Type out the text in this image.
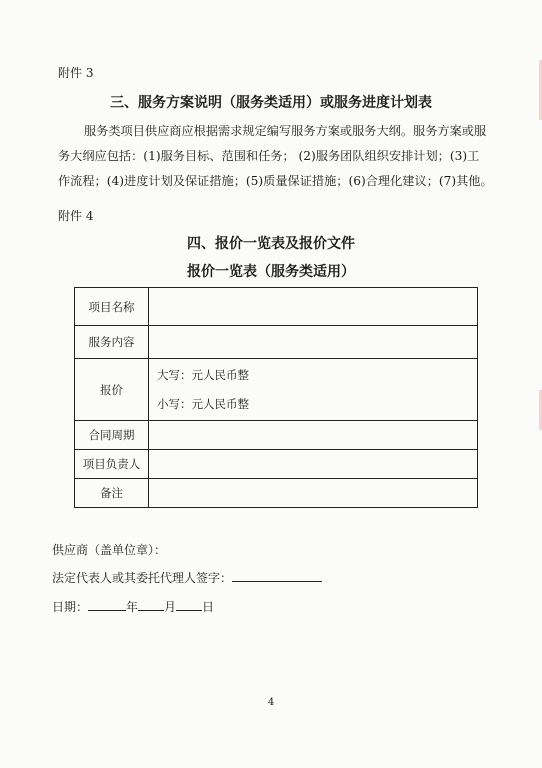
附件 3
三、服务方案说明（服务类适用）或服务进度计划表
服务类项目供应商应根据需求规定编写服务方案或服务大纲。服务方案或服
务大纲应包括：(1)服务目标、范围和任务； (2)服务团队组织安排计划；(3)工
作流程；(4)进度计划及保证措施；(5)质量保证措施；(6)合理化建议；(7)其他。
附件 4
四、报价一览表及报价文件
报价一览表（服务类适用）
项目名称	
服务内容	
报价	大写：元人民币整
小写：元人民币整

合同周期	
项目负责人	
备注	
供应商（盖单位章）：
法定代表人或其委托代理人签字：
日期：	年 月 日
4
